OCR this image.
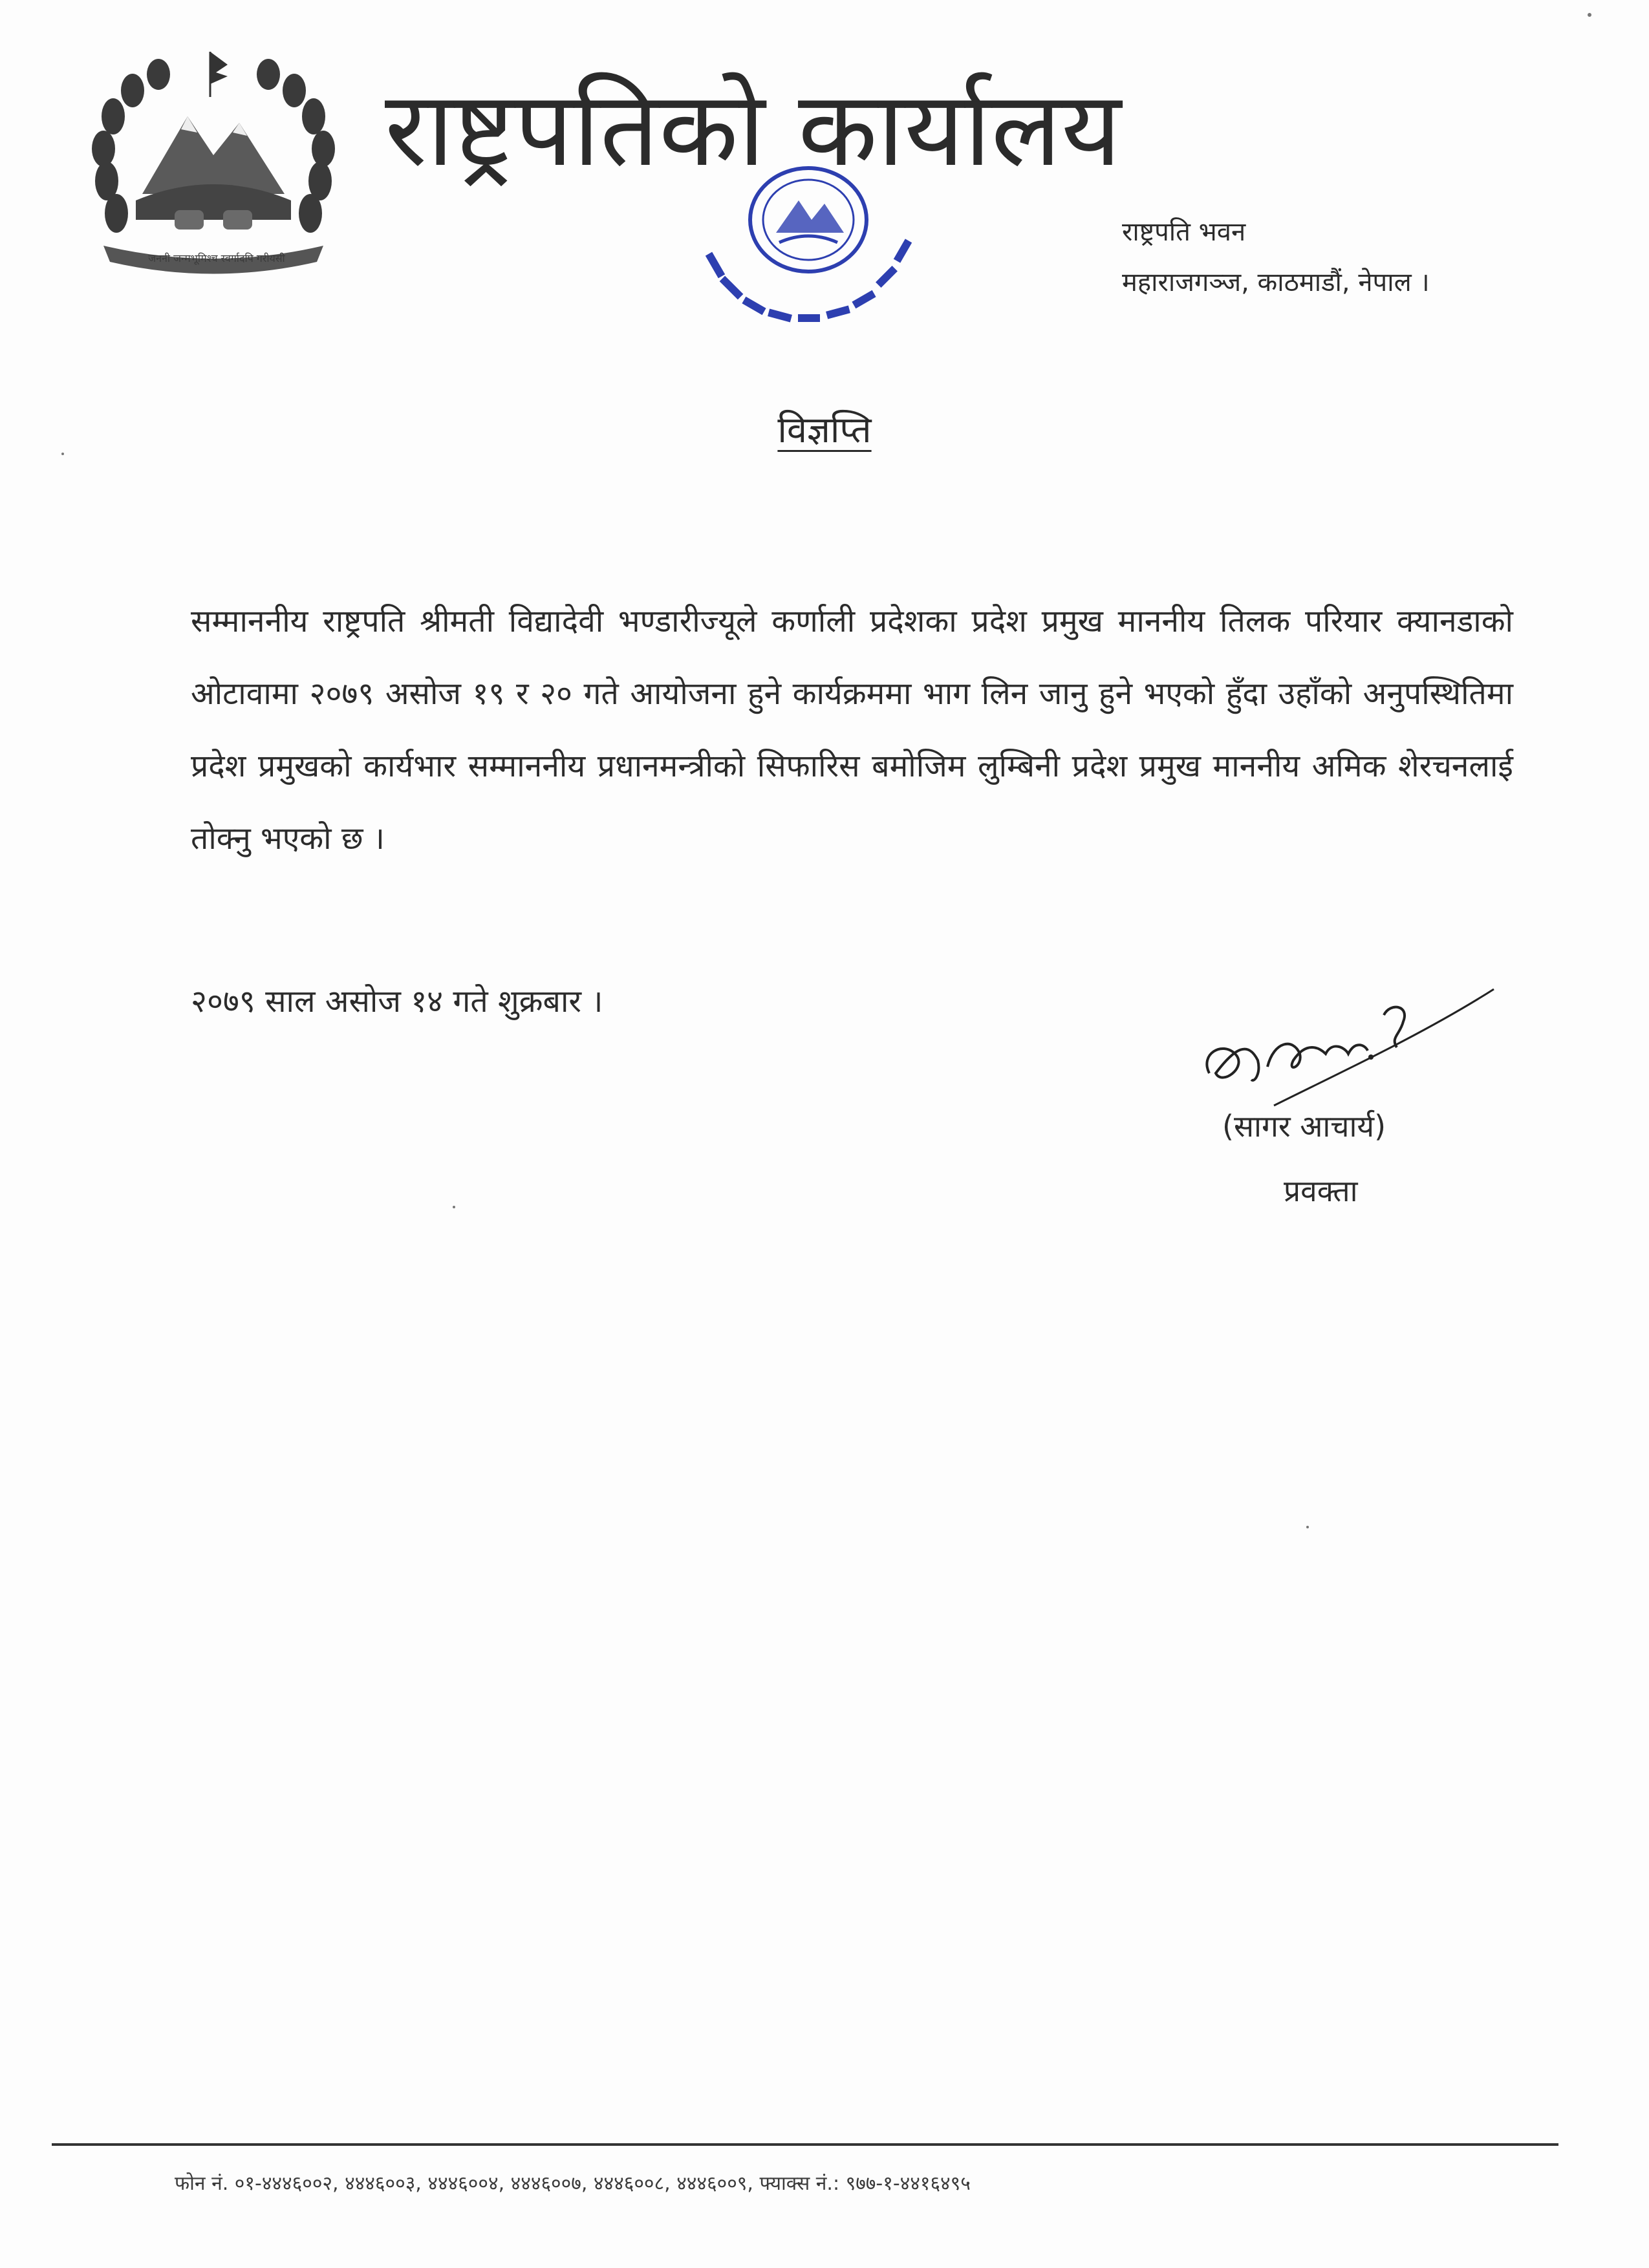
जननी जन्मभूमिश्च स्वर्गादपि गरीयसी
राष्ट्रपतिको कार्यालय
राष्ट्रपति भवन
महाराजगञ्ज, काठमाडौं, नेपाल ।
विज्ञप्ति
सम्माननीय राष्ट्रपति श्रीमती विद्यादेवी भण्डारीज्यूले कर्णाली प्रदेशका प्रदेश प्रमुख माननीय तिलक परियार क्यानडाको ओटावामा २०७९ असोज १९ र २० गते आयोजना हुने कार्यक्रममा भाग लिन जानु हुने भएको हुँदा उहाँको अनुपस्थितिमा प्रदेश प्रमुखको कार्यभार सम्माननीय प्रधानमन्त्रीको सिफारिस बमोजिम लुम्बिनी प्रदेश प्रमुख माननीय अमिक शेरचनलाई तोक्नु भएको छ ।
२०७९ साल असोज १४ गते शुक्रबार ।
(सागर आचार्य)
प्रवक्ता
फोन नं. ०१-४४४६००२, ४४४६००३, ४४४६००४, ४४४६००७, ४४४६००८, ४४४६००९, फ्याक्स नं.: ९७७-१-४४१६४९५
